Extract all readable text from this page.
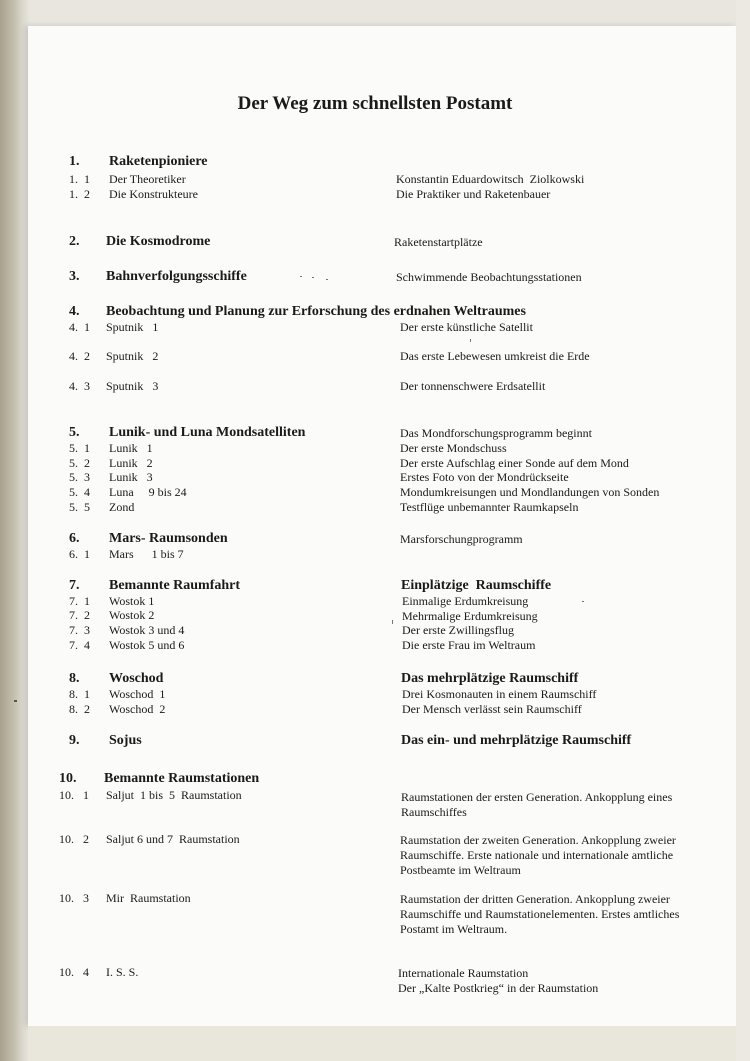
Der Weg zum schnellsten Postamt
1. Raketenpioniere
1.  1 Der Theoretiker	Konstantin Eduardowitsch  Ziolkowski
1.  2 Die Konstrukteure	Die Praktiker und Raketenbauer
2. Die Kosmodrome	Raketenstartplätze
3. Bahnverfolgungsschiffe	Schwimmende Beobachtungsstationen
4. Beobachtung und Planung zur Erforschung des erdnahen Weltraumes
4.  1 Sputnik   1	Der erste künstliche Satellit
4.  2 Sputnik   2	Das erste Lebewesen umkreist die Erde
4.  3 Sputnik   3	Der tonnenschwere Erdsatellit
5. Lunik- und Luna Mondsatelliten	Das Mondforschungsprogramm beginnt
5.  1 Lunik   1	Der erste Mondschuss
5.  2 Lunik   2	Der erste Aufschlag einer Sonde auf dem Mond
5.  3 Lunik   3	Erstes Foto von der Mondrückseite
5.  4 Luna     9 bis 24	Mondumkreisungen und Mondlandungen von Sonden
5.  5 Zond	Testflüge unbemannter Raumkapseln
6. Mars- Raumsonden	Marsforschungprogramm
6.  1 Mars      1 bis 7
7. Bemannte Raumfahrt	Einplätzige  Raumschiffe
7.  1 Wostok 1	Einmalige Erdumkreisung
7.  2 Wostok 2	Mehrmalige Erdumkreisung
7.  3 Wostok 3 und 4	Der erste Zwillingsflug
7.  4 Wostok 5 und 6	Die erste Frau im Weltraum
8. Woschod	Das mehrplätzige Raumschiff
8.  1 Woschod  1	Drei Kosmonauten in einem Raumschiff
8.  2 Woschod  2	Der Mensch verlässt sein Raumschiff
9. Sojus	Das ein- und mehrplätzige Raumschiff
10. Bemannte Raumstationen
10.   1 Saljut  1 bis  5  Raumstation	Raumstationen der ersten Generation. Ankopplung eines
Raumschiffes
10.   2 Saljut 6 und 7  Raumstation	Raumstation der zweiten Generation. Ankopplung zweier
Raumschiffe. Erste nationale und internationale amtliche
Postbeamte im Weltraum
10.   3 Mir  Raumstation	Raumstation der dritten Generation. Ankopplung zweier
Raumschiffe und Raumstationelementen. Erstes amtliches
Postamt im Weltraum.
10.   4 I. S. S.	Internationale Raumstation
Der „Kalte Postkrieg“ in der Raumstation
